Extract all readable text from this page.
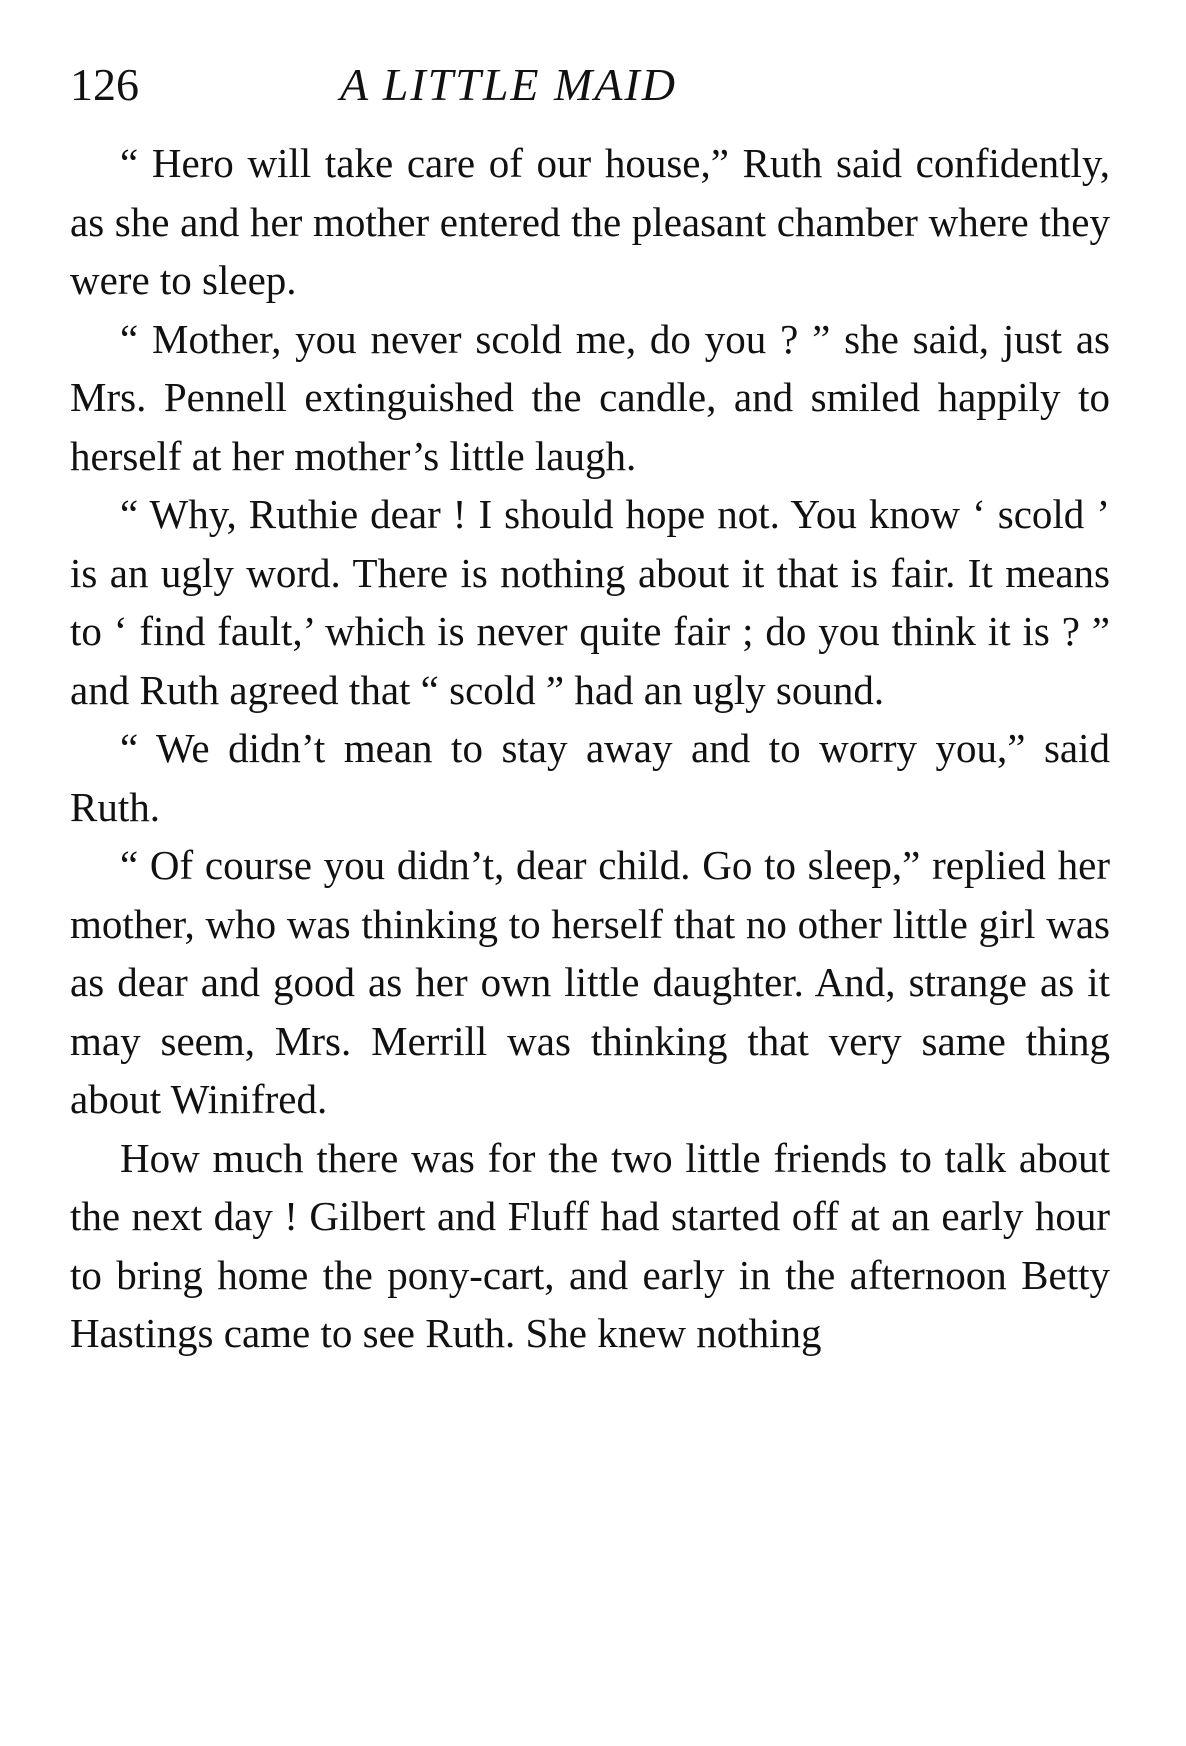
126	A LITTLE MAID

“ Hero will take care of our house,” Ruth said confidently, as she and her mother entered the pleasant chamber where they were to sleep.

“ Mother, you never scold me, do you ? ” she said, just as Mrs. Pennell extinguished the candle, and smiled happily to herself at her mother’s little laugh.

“ Why, Ruthie dear ! I should hope not. You know ‘ scold ’ is an ugly word. There is nothing about it that is fair. It means to ‘ find fault,’ which is never quite fair ; do you think it is ? ” and Ruth agreed that “ scold ” had an ugly sound.

“ We didn’t mean to stay away and to worry you,” said Ruth.

“ Of course you didn’t, dear child. Go to sleep,” replied her mother, who was thinking to herself that no other little girl was as dear and good as her own little daughter. And, strange as it may seem, Mrs. Merrill was thinking that very same thing about Winifred.

How much there was for the two little friends to talk about the next day ! Gilbert and Fluff had started off at an early hour to bring home the pony-cart, and early in the afternoon Betty Hastings came to see Ruth. She knew nothing
